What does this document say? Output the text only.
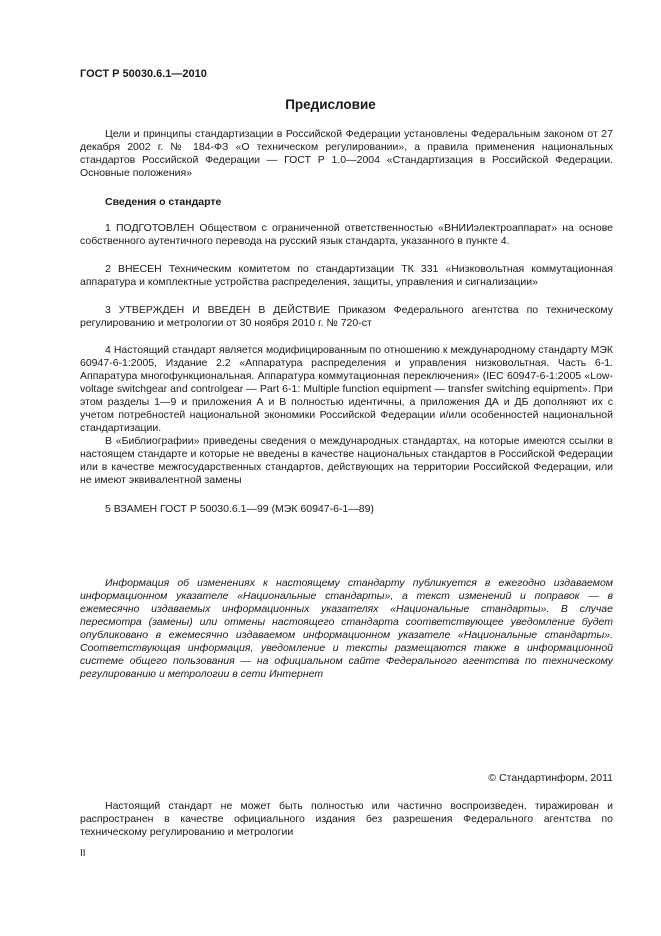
ГОСТ Р 50030.6.1—2010
Предисловие

Цели и принципы стандартизации в Российской Федерации установлены Федеральным законом от 27 декабря 2002 г. № 184-ФЗ «О техническом регулировании», а правила применения национальных стандартов Российской Федерации — ГОСТ Р 1.0—2004 «Стандартизация в Российской Федерации. Основные положения»

Сведения о стандарте

1 ПОДГОТОВЛЕН Обществом с ограниченной ответственностью «ВНИИэлектроаппарат» на основе собственного аутентичного перевода на русский язык стандарта, указанного в пункте 4.

2 ВНЕСЕН Техническим комитетом по стандартизации ТК 331 «Низковольтная коммутационная аппаратура и комплектные устройства распределения, защиты, управления и сигнализации»

3 УТВЕРЖДЕН И ВВЕДЕН В ДЕЙСТВИЕ Приказом Федерального агентства по техническому регулированию и метрологии от 30 ноября 2010 г. № 720-ст

4 Настоящий стандарт является модифицированным по отношению к международному стандарту МЭК 60947-6-1:2005, Издание 2.2 «Аппаратура распределения и управления низковольтная. Часть 6-1. Аппаратура многофункциональная. Аппаратура коммутационная переключения» (IEC 60947-6-1:2005 «Low-voltage switchgear and controlgear — Part 6-1: Multiple function equipment — transfer switching equipment». При этом разделы 1—9 и приложения А и В полностью идентичны, а приложения ДА и ДБ дополняют их с учетом потребностей национальной экономики Российской Федерации и/или особенностей национальной стандартизации.

В «Библиографии» приведены сведения о международных стандартах, на которые имеются ссылки в настоящем стандарте и которые не введены в качестве национальных стандартов в Российской Федерации или в качестве межгосударственных стандартов, действующих на территории Российской Федерации, или не имеют эквивалентной замены

5 ВЗАМЕН ГОСТ Р 50030.6.1—99 (МЭК 60947-6-1—89)

Информация об изменениях к настоящему стандарту публикуется в ежегодно издаваемом информационном указателе «Национальные стандарты», а текст изменений и поправок — в ежемесячно издаваемых информационных указателях «Национальные стандарты». В случае пересмотра (замены) или отмены настоящего стандарта соответствующее уведомление будет опубликовано в ежемесячно издаваемом информационном указателе «Национальные стандарты». Соответствующая информация, уведомление и тексты размещаются также в информационной системе общего пользования — на официальном сайте Федерального агентства по техническому регулированию и метрологии в сети Интернет

© Стандартинформ, 2011

Настоящий стандарт не может быть полностью или частично воспроизведен, тиражирован и распространен в качестве официального издания без разрешения Федерального агентства по техническому регулированию и метрологии

II
